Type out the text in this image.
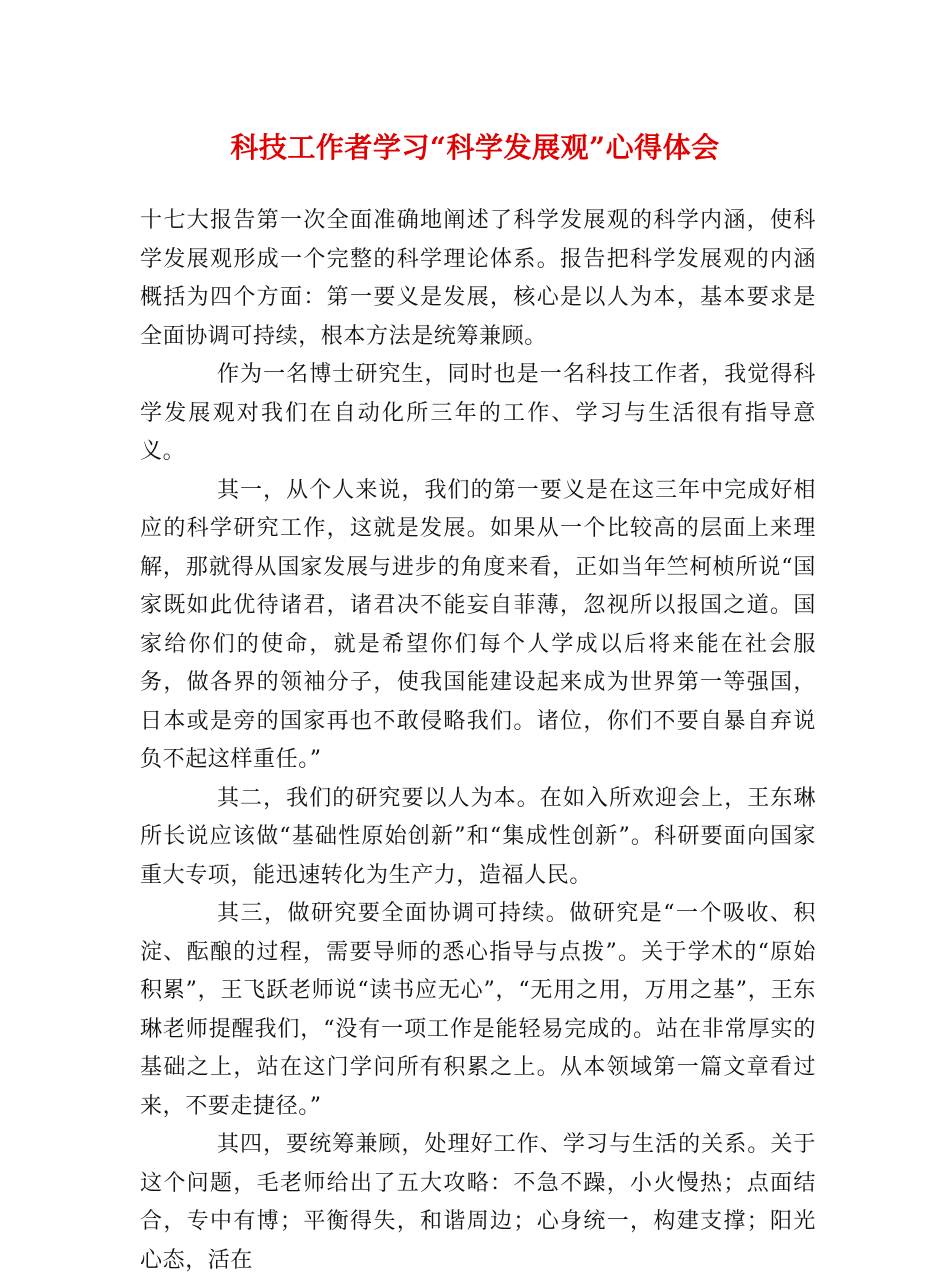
科技工作者学习“科学发展观”心得体会

十七大报告第一次全面准确地阐述了科学发展观的科学内涵，使科学发展观形成一个完整的科学理论体系。报告把科学发展观的内涵概括为四个方面：第一要义是发展，核心是以人为本，基本要求是全面协调可持续，根本方法是统筹兼顾。

作为一名博士研究生，同时也是一名科技工作者，我觉得科学发展观对我们在自动化所三年的工作、学习与生活很有指导意义。

其一，从个人来说，我们的第一要义是在这三年中完成好相应的科学研究工作，这就是发展。如果从一个比较高的层面上来理解，那就得从国家发展与进步的角度来看，正如当年竺柯桢所说“国家既如此优待诸君，诸君决不能妄自菲薄，忽视所以报国之道。国家给你们的使命，就是希望你们每个人学成以后将来能在社会服务，做各界的领袖分子，使我国能建设起来成为世界第一等强国，日本或是旁的国家再也不敢侵略我们。诸位，你们不要自暴自弃说负不起这样重任。”

其二，我们的研究要以人为本。在如入所欢迎会上，王东琳所长说应该做“基础性原始创新”和“集成性创新”。科研要面向国家重大专项，能迅速转化为生产力，造福人民。

其三，做研究要全面协调可持续。做研究是“一个吸收、积淀、酝酿的过程，需要导师的悉心指导与点拨”。关于学术的“原始积累”，王飞跃老师说“读书应无心”，“无用之用，万用之基”，王东琳老师提醒我们，“没有一项工作是能轻易完成的。站在非常厚实的基础之上，站在这门学问所有积累之上。从本领域第一篇文章看过来，不要走捷径。”

其四，要统筹兼顾，处理好工作、学习与生活的关系。关于这个问题，毛老师给出了五大攻略：不急不躁，小火慢热；点面结合，专中有博；平衡得失，和谐周边；心身统一，构建支撑；阳光心态，活在
